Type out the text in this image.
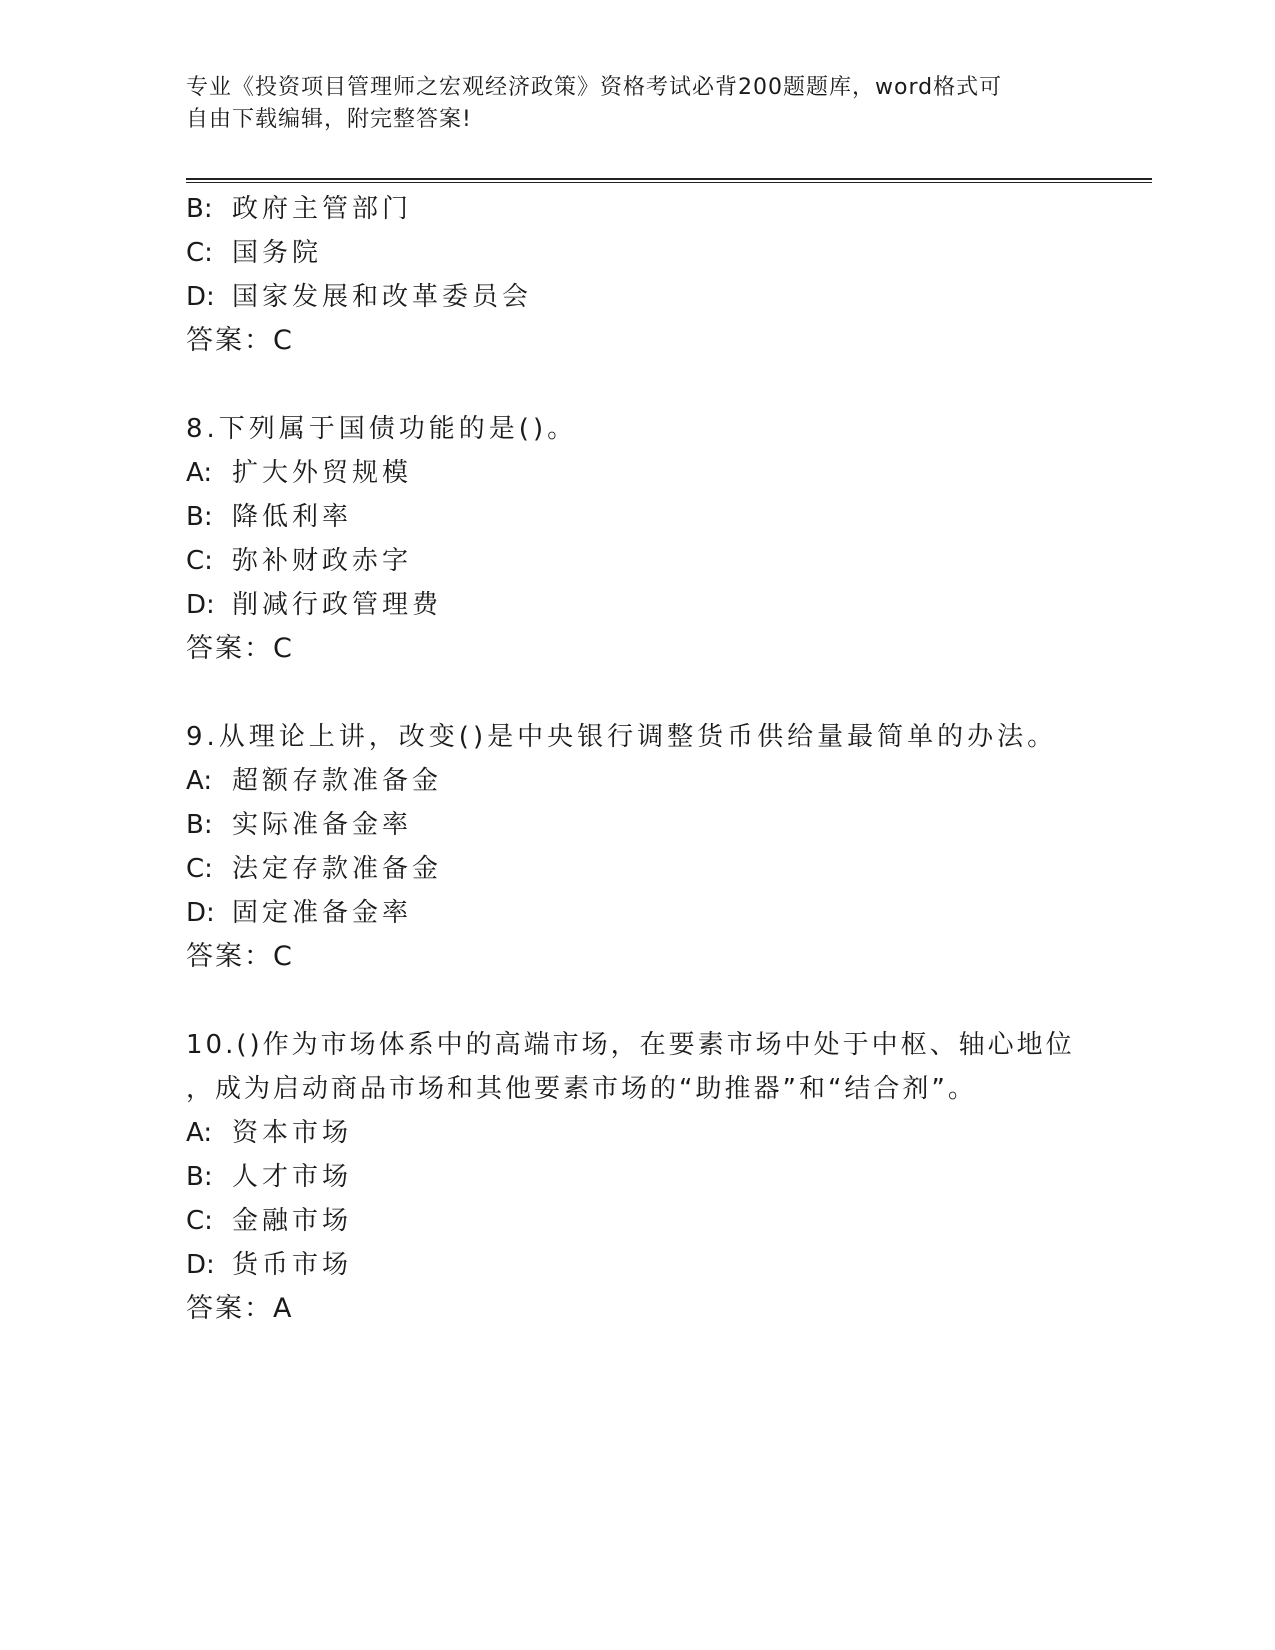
专业《投资项目管理师之宏观经济政策》资格考试必背200题题库，word格式可
自由下载编辑，附完整答案!
B: 政府主管部门
C: 国务院
D: 国家发展和改革委员会
答案：C
8.下列属于国债功能的是()。
A: 扩大外贸规模
B: 降低利率
C: 弥补财政赤字
D: 削减行政管理费
答案：C
9.从理论上讲，改变()是中央银行调整货币供给量最简单的办法。
A: 超额存款准备金
B: 实际准备金率
C: 法定存款准备金
D: 固定准备金率
答案：C
10.()作为市场体系中的高端市场，在要素市场中处于中枢、轴心地位
，成为启动商品市场和其他要素市场的“助推器”和“结合剂”。
A: 资本市场
B: 人才市场
C: 金融市场
D: 货币市场
答案：A
